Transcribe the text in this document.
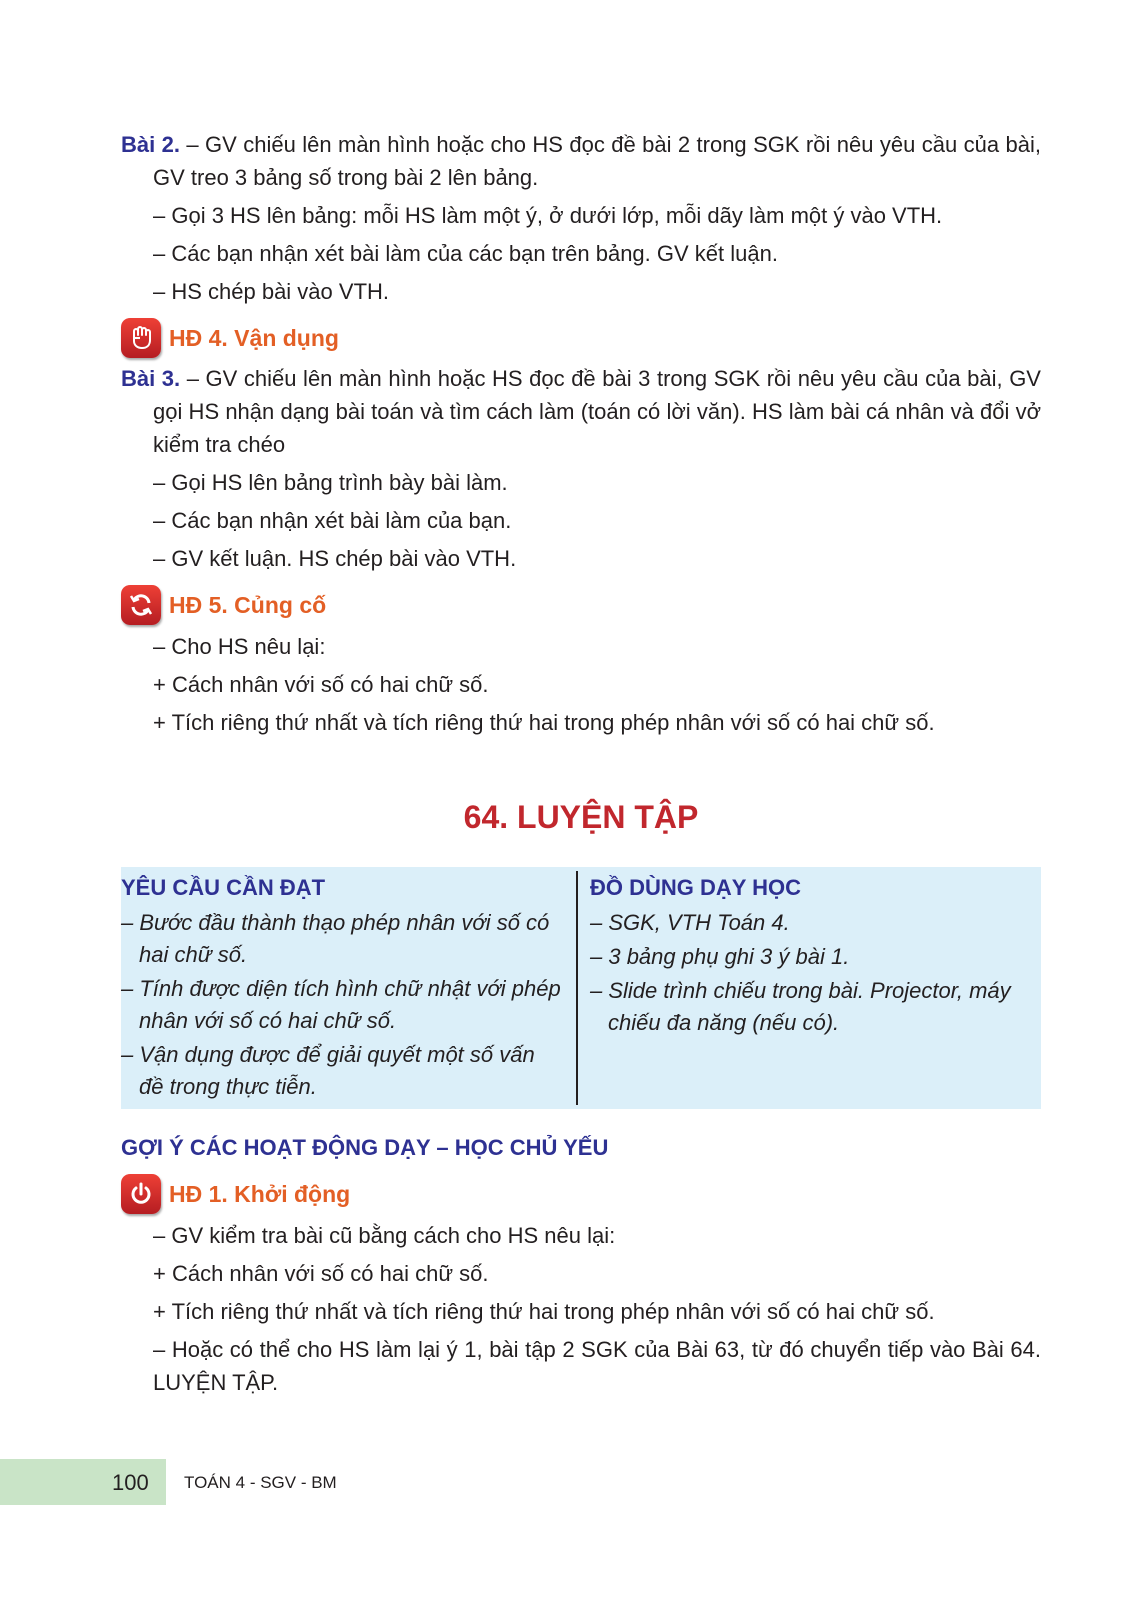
Bài 2. – GV chiếu lên màn hình hoặc cho HS đọc đề bài 2 trong SGK rồi nêu yêu cầu của bài, GV treo 3 bảng số trong bài 2 lên bảng.

– Gọi 3 HS lên bảng: mỗi HS làm một ý, ở dưới lớp, mỗi dãy làm một ý vào VTH.

– Các bạn nhận xét bài làm của các bạn trên bảng. GV kết luận.

– HS chép bài vào VTH.

HĐ 4. Vận dụng

Bài 3. – GV chiếu lên màn hình hoặc HS đọc đề bài 3 trong SGK rồi nêu yêu cầu của bài, GV gọi HS nhận dạng bài toán và tìm cách làm (toán có lời văn). HS làm bài cá nhân và đổi vở kiểm tra chéo

– Gọi HS lên bảng trình bày bài làm.

– Các bạn nhận xét bài làm của bạn.

– GV kết luận. HS chép bài vào VTH.

HĐ 5. Củng cố

– Cho HS nêu lại:

+ Cách nhân với số có hai chữ số.

+ Tích riêng thứ nhất và tích riêng thứ hai trong phép nhân với số có hai chữ số.

64. LUYỆN TẬP
YÊU CẦU CẦN ĐẠT
– Bước đầu thành thạo phép nhân với số có hai chữ số.
– Tính được diện tích hình chữ nhật với phép nhân với số có hai chữ số.
– Vận dụng được để giải quyết một số vấn đề trong thực tiễn.
ĐỒ DÙNG DẠY HỌC
– SGK, VTH Toán 4.
– 3 bảng phụ ghi 3 ý bài 1.
– Slide trình chiếu trong bài. Projector, máy chiếu đa năng (nếu có).
GỢI Ý CÁC HOẠT ĐỘNG DẠY – HỌC CHỦ YẾU
HĐ 1. Khởi động

– GV kiểm tra bài cũ bằng cách cho HS nêu lại:

+ Cách nhân với số có hai chữ số.

+ Tích riêng thứ nhất và tích riêng thứ hai trong phép nhân với số có hai chữ số.

– Hoặc có thể cho HS làm lại ý 1, bài tập 2 SGK của Bài 63, từ đó chuyển tiếp vào Bài 64. LUYỆN TẬP.

100 TOÁN 4 - SGV - BM
